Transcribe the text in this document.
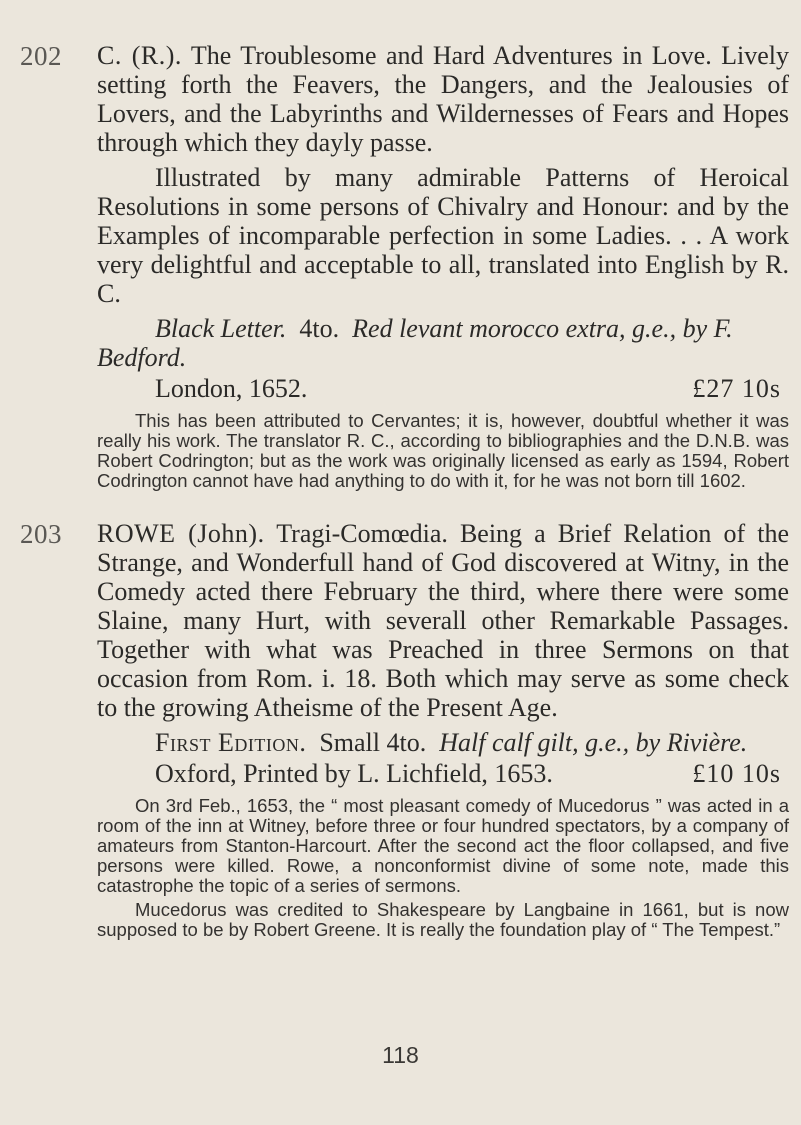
202 C. (R.). The Troublesome and Hard Adventures in Love. Lively setting forth the Feavers, the Dangers, and the Jealousies of Lovers, and the Labyrinths and Wildernesses of Fears and Hopes through which they dayly passe.

Illustrated by many admirable Patterns of Heroical Resolutions in some persons of Chivalry and Honour: and by the Examples of incomparable perfection in some Ladies. . . A work very delightful and acceptable to all, translated into English by R. C.

Black Letter. 4to. Red levant morocco extra, g.e., by F. Bedford.
London, 1652.	£27 10s

This has been attributed to Cervantes; it is, however, doubtful whether it was really his work. The translator R. C., according to bibliographies and the D.N.B. was Robert Codrington; but as the work was originally licensed as early as 1594, Robert Codrington cannot have had anything to do with it, for he was not born till 1602.

203 ROWE (John). Tragi-Comœdia. Being a Brief Relation of the Strange, and Wonderfull hand of God discovered at Witny, in the Comedy acted there February the third, where there were some Slaine, many Hurt, with severall other Remarkable Passages. Together with what was Preached in three Sermons on that occasion from Rom. i. 18. Both which may serve as some check to the growing Atheisme of the Present Age.

First Edition. Small 4to. Half calf gilt, g.e., by Rivière.
Oxford, Printed by L. Lichfield, 1653.	£10 10s

On 3rd Feb., 1653, the “ most pleasant comedy of Mucedorus ” was acted in a room of the inn at Witney, before three or four hundred spectators, by a company of amateurs from Stanton-Harcourt. After the second act the floor collapsed, and five persons were killed. Rowe, a nonconformist divine of some note, made this catastrophe the topic of a series of sermons.

Mucedorus was credited to Shakespeare by Langbaine in 1661, but is now supposed to be by Robert Greene. It is really the foundation play of “ The Tempest.”

118
